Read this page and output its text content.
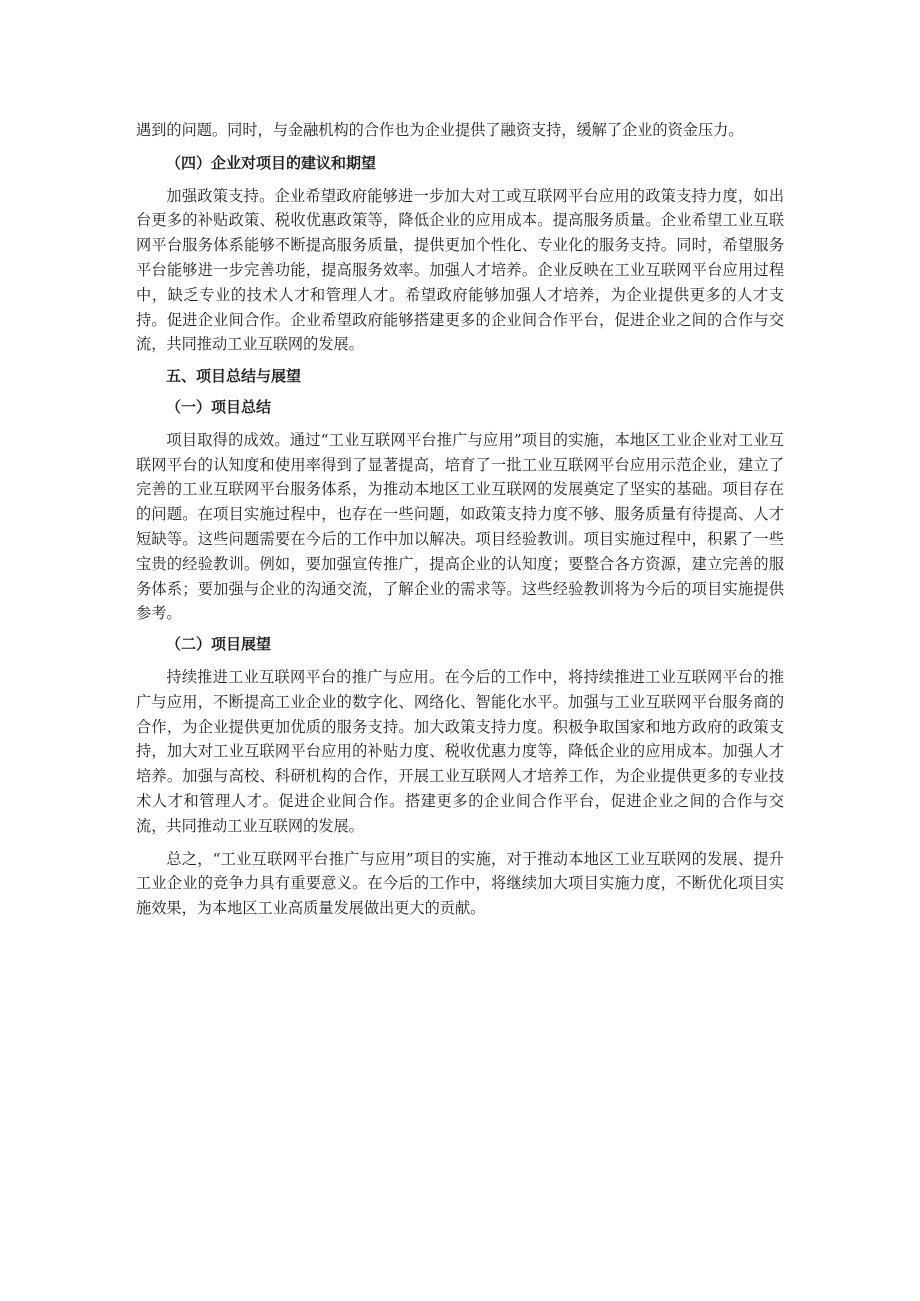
遇到的问题。同时，与金融机构的合作也为企业提供了融资支持，缓解了企业的资金压力。

（四）企业对项目的建议和期望

加强政策支持。企业希望政府能够进一步加大对工或互联网平台应用的政策支持力度，如出台更多的补贴政策、税收优惠政策等，降低企业的应用成本。提高服务质量。企业希望工业互联网平台服务体系能够不断提高服务质量，提供更加个性化、专业化的服务支持。同时，希望服务平台能够进一步完善功能，提高服务效率。加强人才培养。企业反映在工业互联网平台应用过程中，缺乏专业的技术人才和管理人才。希望政府能够加强人才培养，为企业提供更多的人才支持。促进企业间合作。企业希望政府能够搭建更多的企业间合作平台，促进企业之间的合作与交流，共同推动工业互联网的发展。

五、项目总结与展望
（一）项目总结

项目取得的成效。通过“工业互联网平台推广与应用”项目的实施，本地区工业企业对工业互联网平台的认知度和使用率得到了显著提高，培育了一批工业互联网平台应用示范企业，建立了完善的工业互联网平台服务体系，为推动本地区工业互联网的发展奠定了坚实的基础。项目存在的问题。在项目实施过程中，也存在一些问题，如政策支持力度不够、服务质量有待提高、人才短缺等。这些问题需要在今后的工作中加以解决。项目经验教训。项目实施过程中，积累了一些宝贵的经验教训。例如，要加强宣传推广，提高企业的认知度；要整合各方资源，建立完善的服务体系；要加强与企业的沟通交流，了解企业的需求等。这些经验教训将为今后的项目实施提供参考。

（二）项目展望

持续推进工业互联网平台的推广与应用。在今后的工作中，将持续推进工业互联网平台的推广与应用，不断提高工业企业的数字化、网络化、智能化水平。加强与工业互联网平台服务商的合作，为企业提供更加优质的服务支持。加大政策支持力度。积极争取国家和地方政府的政策支持，加大对工业互联网平台应用的补贴力度、税收优惠力度等，降低企业的应用成本。加强人才培养。加强与高校、科研机构的合作，开展工业互联网人才培养工作，为企业提供更多的专业技术人才和管理人才。促进企业间合作。搭建更多的企业间合作平台，促进企业之间的合作与交流，共同推动工业互联网的发展。

总之，“工业互联网平台推广与应用”项目的实施，对于推动本地区工业互联网的发展、提升工业企业的竞争力具有重要意义。在今后的工作中，将继续加大项目实施力度，不断优化项目实施效果，为本地区工业高质量发展做出更大的贡献。
